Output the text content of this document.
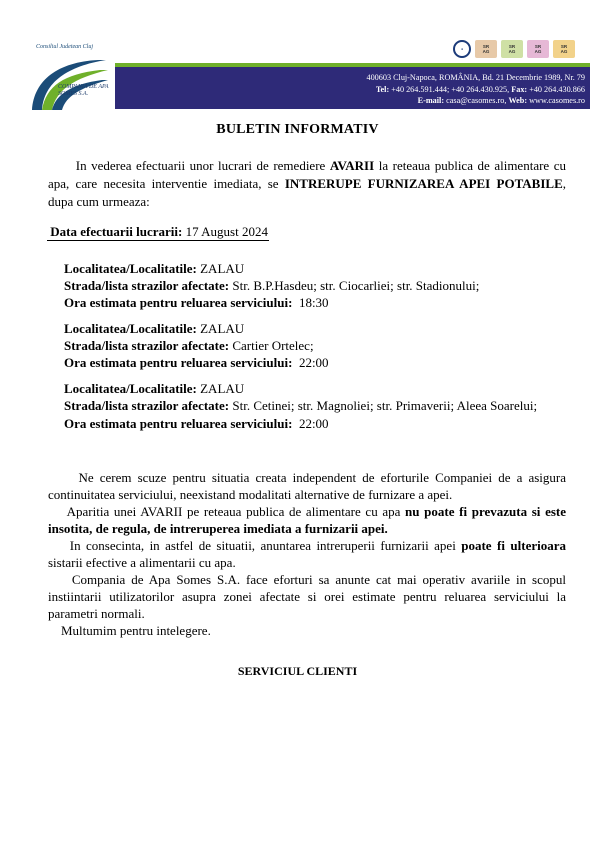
Consiliul Judetean Cluj
COMPANIA DE APA
SOMES S.A.
●	SR
AG
SR
AG
SR
AG
SR
AG
400603 Cluj-Napoca, ROMÂNIA, Bd. 21 Decembrie 1989, Nr. 79
Tel: +40 264.591.444; +40 264.430.925, Fax: +40 264.430.866
E-mail: casa@casomes.ro, Web: www.casomes.ro
BULETIN INFORMATIV
In vederea efectuarii unor lucrari de remediere AVARII la reteaua publica de alimentare cu apa, care necesita interventie imediata, se INTRERUPE FURNIZAREA APEI POTABILE, dupa cum urmeaza:
Data efectuarii lucrarii: 17 August 2024
Localitatea/Localitatile: ZALAU
Strada/lista strazilor afectate: Str. B.P.Hasdeu; str. Ciocarliei; str. Stadionului;
Ora estimata pentru reluarea serviciului: 18:30
Localitatea/Localitatile: ZALAU
Strada/lista strazilor afectate: Cartier Ortelec;
Ora estimata pentru reluarea serviciului: 22:00
Localitatea/Localitatile: ZALAU
Strada/lista strazilor afectate: Str. Cetinei; str. Magnoliei; str. Primaverii; Aleea Soarelui;
Ora estimata pentru reluarea serviciului: 22:00
Ne cerem scuze pentru situatia creata independent de eforturile Companiei de a asigura continuitatea serviciului, neexistand modalitati alternative de furnizare a apei.
Aparitia unei AVARII pe reteaua publica de alimentare cu apa nu poate fi prevazuta si este insotita, de regula, de intreruperea imediata a furnizarii apei.
In consecinta, in astfel de situatii, anuntarea intreruperii furnizarii apei poate fi ulterioara sistarii efective a alimentarii cu apa.
Compania de Apa Somes S.A. face eforturi sa anunte cat mai operativ avariile in scopul instiintarii utilizatorilor asupra zonei afectate si orei estimate pentru reluarea serviciului la parametri normali.
Multumim pentru intelegere.
SERVICIUL CLIENTI
